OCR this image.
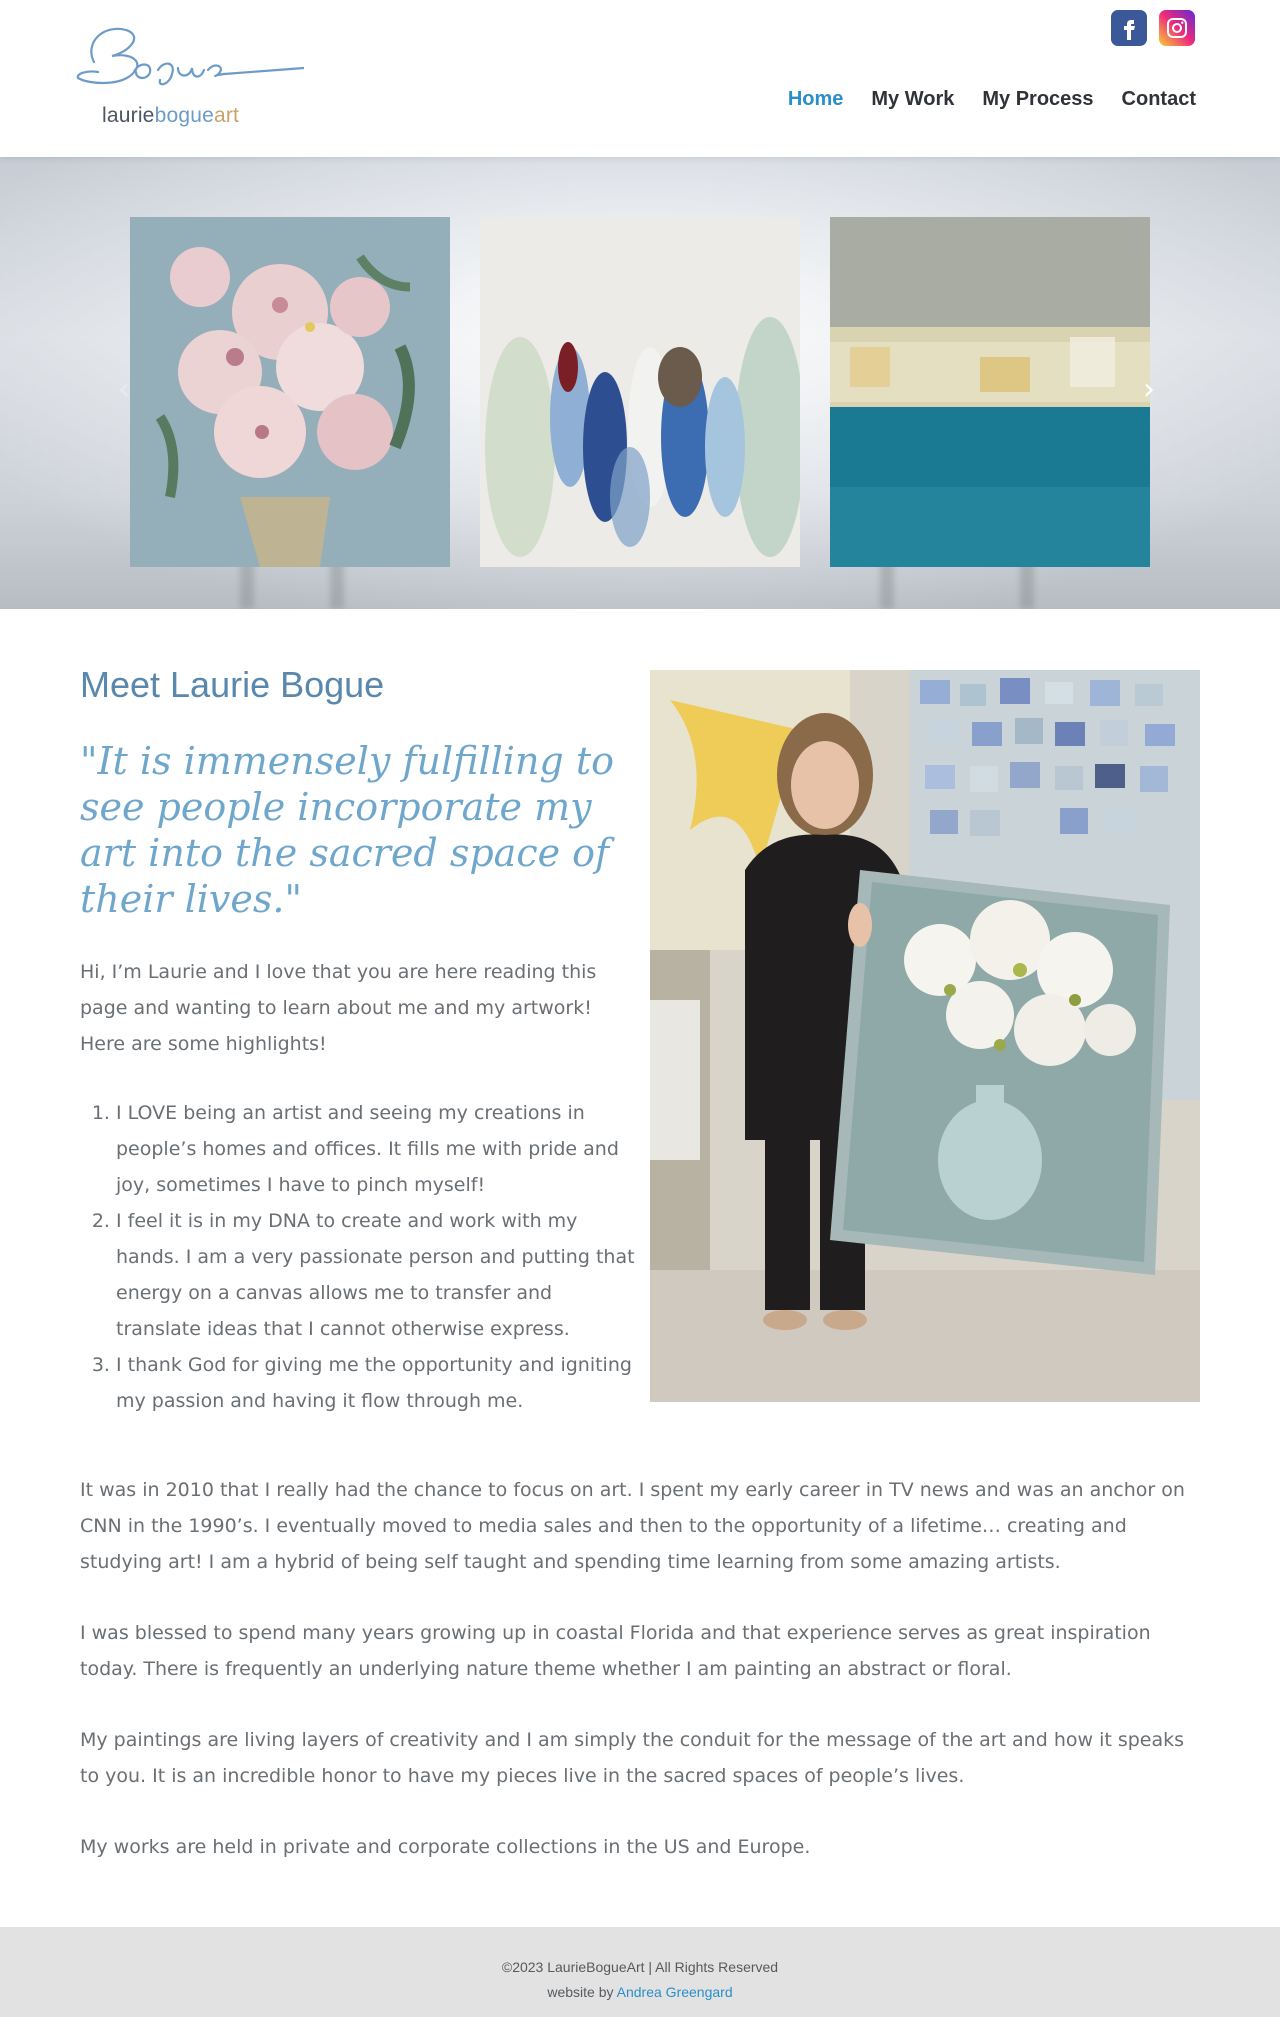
lauriebogueart
Home My Work My Process Contact
‹	›
Meet Laurie Bogue

"It is immensely fulfilling to see people incorporate my art into the sacred space of their lives."

Hi, I’m Laurie and I love that you are here reading this page and wanting to learn about me and my artwork! Here are some highlights!

1. I LOVE being an artist and seeing my creations in people’s homes and offices. It fills me with pride and joy, sometimes I have to pinch myself!
2. I feel it is in my DNA to create and work with my hands. I am a very passionate person and putting that energy on a canvas allows me to transfer and translate ideas that I cannot otherwise express.
3. I thank God for giving me the opportunity and igniting my passion and having it flow through me.

It was in 2010 that I really had the chance to focus on art. I spent my early career in TV news and was an anchor on CNN in the 1990’s. I eventually moved to media sales and then to the opportunity of a lifetime… creating and studying art! I am a hybrid of being self taught and spending time learning from some amazing artists.

I was blessed to spend many years growing up in coastal Florida and that experience serves as great inspiration today. There is frequently an underlying nature theme whether I am painting an abstract or floral.

My paintings are living layers of creativity and I am simply the conduit for the message of the art and how it speaks to you. It is an incredible honor to have my pieces live in the sacred spaces of people’s lives.

My works are held in private and corporate collections in the US and Europe.

©2023 LaurieBogueArt | All Rights Reserved
website by Andrea Greengard
